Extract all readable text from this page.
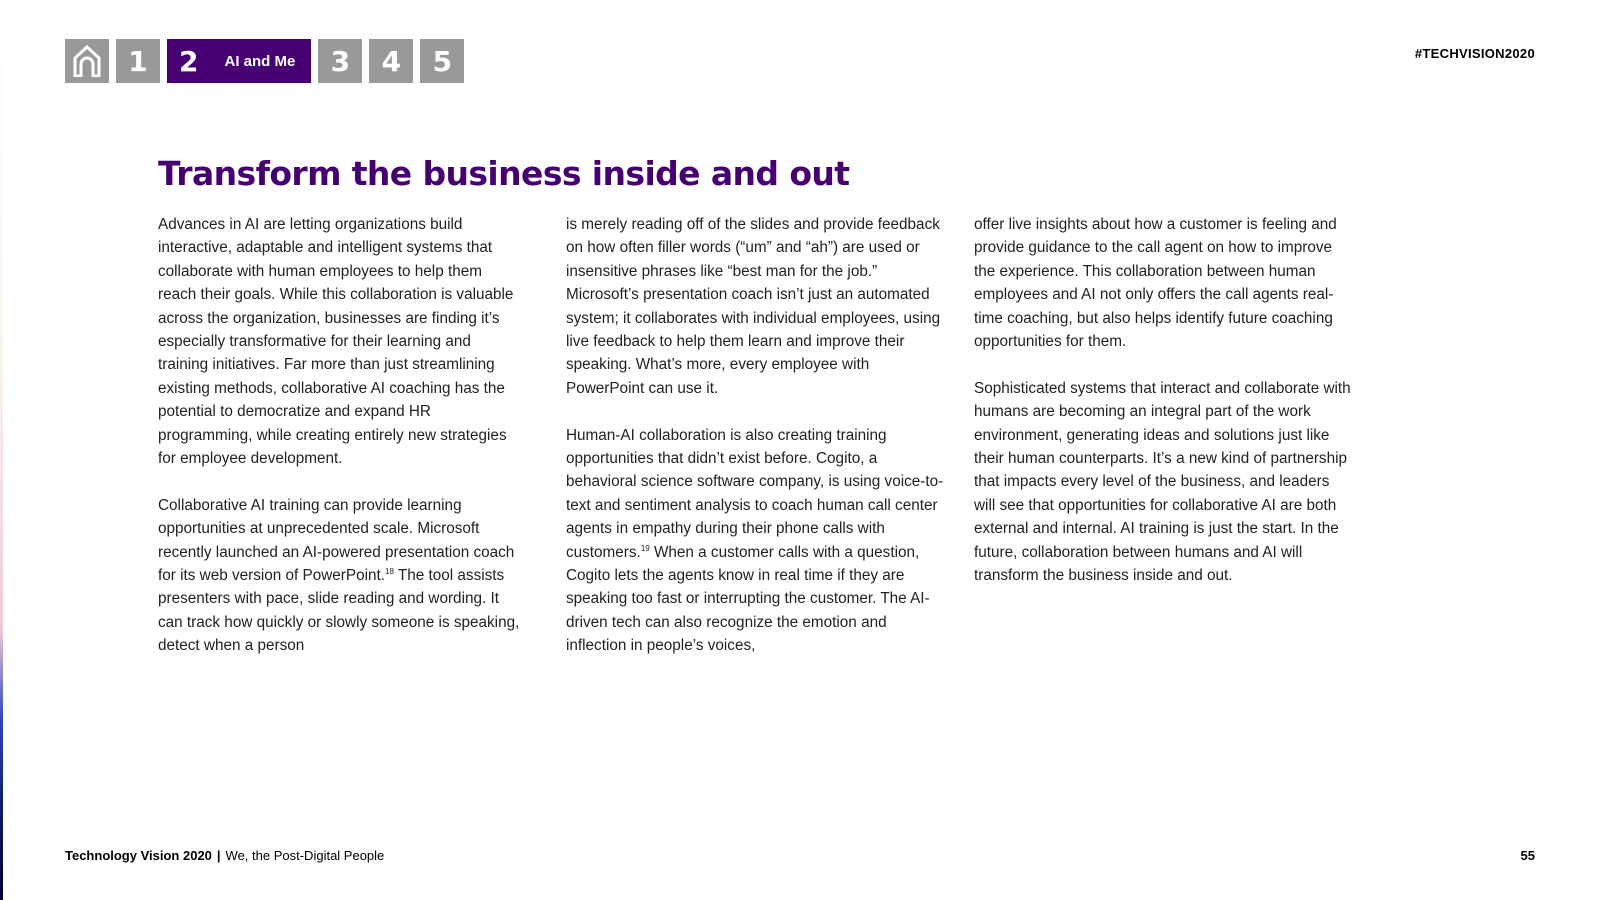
1 2 AI and Me 3 4 5	#TECHVISION2020
Transform the business inside and out

Advances in AI are letting organizations build interactive, adaptable and intelligent systems that collaborate with human employees to help them reach their goals. While this collaboration is valuable across the organization, businesses are finding it’s especially transformative for their learning and training initiatives. Far more than just streamlining existing methods, collaborative AI coaching has the potential to democratize and expand HR programming, while creating entirely new strategies for employee development.

Collaborative AI training can provide learning opportunities at unprecedented scale. Microsoft recently launched an AI-powered presentation coach for its web version of PowerPoint.$^{18}$ The tool assists presenters with pace, slide reading and wording. It can track how quickly or slowly someone is speaking, detect when a person

is merely reading off of the slides and provide feedback on how often filler words (“um” and “ah”) are used or insensitive phrases like “best man for the job.” Microsoft’s presentation coach isn’t just an automated system; it collaborates with individual employees, using live feedback to help them learn and improve their speaking. What’s more, every employee with PowerPoint can use it.

Human-AI collaboration is also creating training opportunities that didn’t exist before. Cogito, a behavioral science software company, is using voice-to-text and sentiment analysis to coach human call center agents in empathy during their phone calls with customers.$^{19}$ When a customer calls with a question, Cogito lets the agents know in real time if they are speaking too fast or interrupting the customer. The AI-driven tech can also recognize the emotion and inflection in people’s voices,

offer live insights about how a customer is feeling and provide guidance to the call agent on how to improve the experience. This collaboration between human employees and AI not only offers the call agents real-time coaching, but also helps identify future coaching opportunities for them.

Sophisticated systems that interact and collaborate with humans are becoming an integral part of the work environment, generating ideas and solutions just like their human counterparts. It’s a new kind of partnership that impacts every level of the business, and leaders will see that opportunities for collaborative AI are both external and internal. AI training is just the start. In the future, collaboration between humans and AI will transform the business inside and out.

Technology Vision 2020 | We, the Post-Digital People	55
